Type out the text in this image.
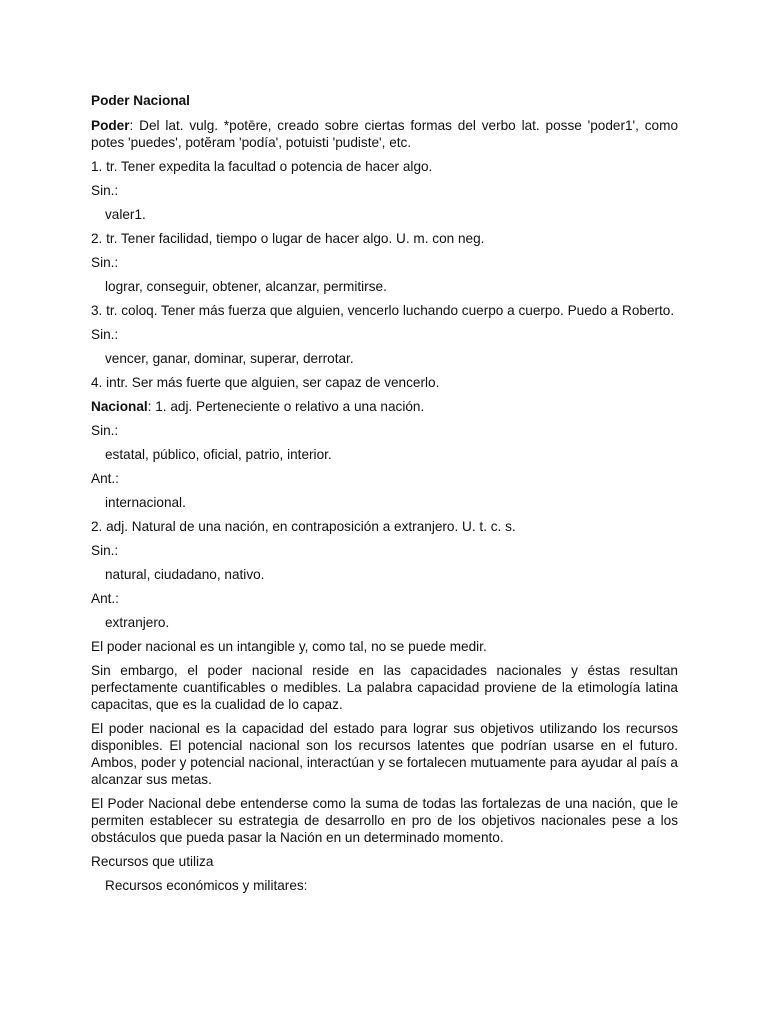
Poder Nacional
Poder: Del lat. vulg. *potēre, creado sobre ciertas formas del verbo lat. posse 'poder1', como potes 'puedes', potĕram 'podía', potuisti 'pudiste', etc.
1. tr. Tener expedita la facultad o potencia de hacer algo.
Sin.:
valer1.
2. tr. Tener facilidad, tiempo o lugar de hacer algo. U. m. con neg.
Sin.:
lograr, conseguir, obtener, alcanzar, permitirse.
3. tr. coloq. Tener más fuerza que alguien, vencerlo luchando cuerpo a cuerpo. Puedo a Roberto.
Sin.:
vencer, ganar, dominar, superar, derrotar.
4. intr. Ser más fuerte que alguien, ser capaz de vencerlo.
Nacional: 1. adj. Perteneciente o relativo a una nación.
Sin.:
estatal, público, oficial, patrio, interior.
Ant.:
internacional.
2. adj. Natural de una nación, en contraposición a extranjero. U. t. c. s.
Sin.:
natural, ciudadano, nativo.
Ant.:
extranjero.
El poder nacional es un intangible y, como tal, no se puede medir.
Sin embargo, el poder nacional reside en las capacidades nacionales y éstas resultan perfectamente cuantificables o medibles. La palabra capacidad proviene de la etimología latina capacitas, que es la cualidad de lo capaz.
El poder nacional es la capacidad del estado para lograr sus objetivos utilizando los recursos disponibles. El potencial nacional son los recursos latentes que podrían usarse en el futuro. Ambos, poder y potencial nacional, interactúan y se fortalecen mutuamente para ayudar al país a alcanzar sus metas.
El Poder Nacional debe entenderse como la suma de todas las fortalezas de una nación, que le permiten establecer su estrategia de desarrollo en pro de los objetivos nacionales pese a los obstáculos que pueda pasar la Nación en un determinado momento.
Recursos que utiliza
Recursos económicos y militares:
